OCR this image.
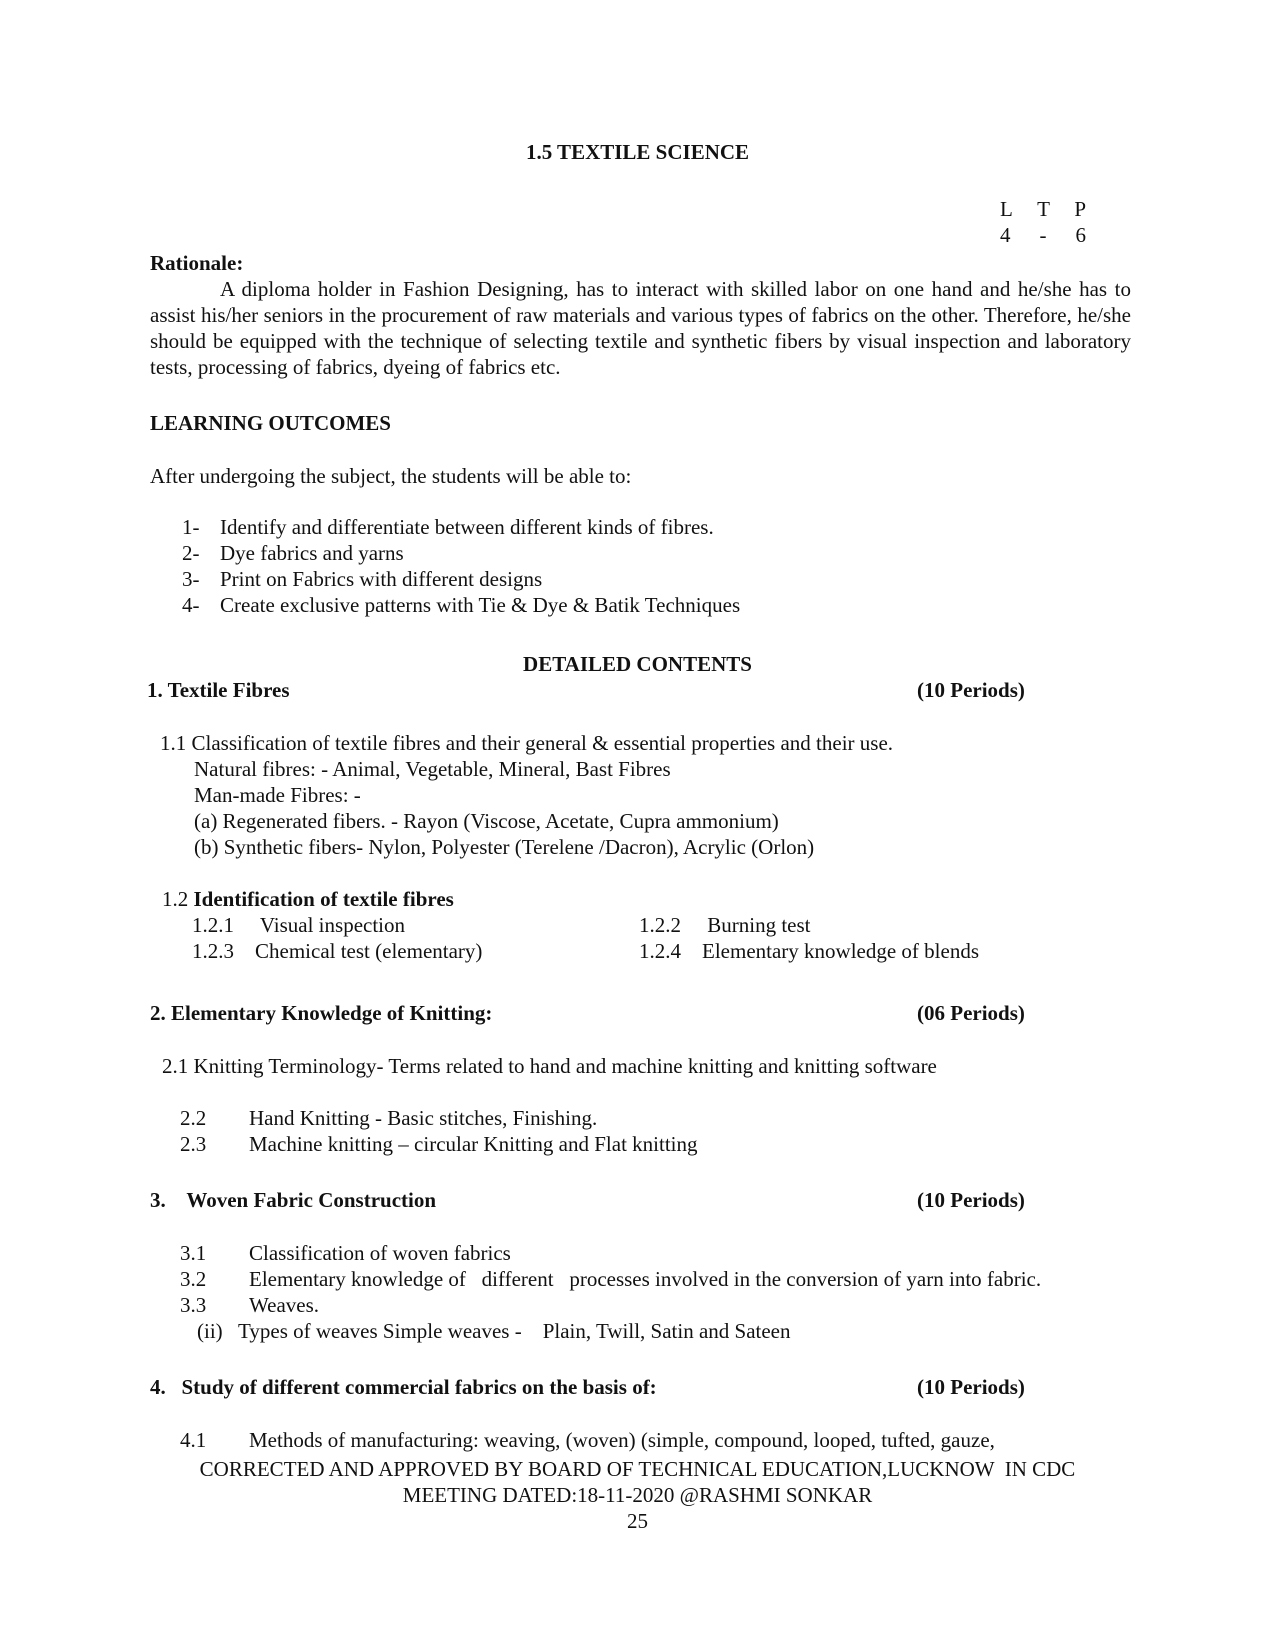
1.5 TEXTILE SCIENCE
L T P
4 - 6
Rationale:
A diploma holder in Fashion Designing, has to interact with skilled labor on one hand and he/she has to assist his/her seniors in the procurement of raw materials and various types of fabrics on the other. Therefore, he/she should be equipped with the technique of selecting textile and synthetic fibers by visual inspection and laboratory tests, processing of fabrics, dyeing of fabrics etc.
LEARNING OUTCOMES
After undergoing the subject, the students will be able to:
1- Identify and differentiate between different kinds of fibres.
2- Dye fabrics and yarns
3- Print on Fabrics with different designs
4- Create exclusive patterns with Tie & Dye & Batik Techniques
DETAILED CONTENTS
1. Textile Fibres	(10 Periods)
1.1 Classification of textile fibres and their general & essential properties and their use.
Natural fibres: - Animal, Vegetable, Mineral, Bast Fibres
Man-made Fibres: -
(a) Regenerated fibers. - Rayon (Viscose, Acetate, Cupra ammonium)
(b) Synthetic fibers- Nylon, Polyester (Terelene /Dacron), Acrylic (Orlon)
1.2 Identification of textile fibres
1.2.1     Visual inspection	1.2.2     Burning test
1.2.3    Chemical test (elementary)	1.2.4    Elementary knowledge of blends
2. Elementary Knowledge of Knitting:	(06 Periods)
2.1 Knitting Terminology- Terms related to hand and machine knitting and knitting software
2.2 Hand Knitting - Basic stitches, Finishing.
2.3 Machine knitting – circular Knitting and Flat knitting
3.    Woven Fabric Construction	(10 Periods)
3.1 Classification of woven fabrics
3.2 Elementary knowledge of   different   processes involved in the conversion of yarn into fabric.
3.3 Weaves.
(ii)   Types of weaves Simple weaves -    Plain, Twill, Satin and Sateen
4.   Study of different commercial fabrics on the basis of:	(10 Periods)
4.1 Methods of manufacturing: weaving, (woven) (simple, compound, looped, tufted, gauze,
CORRECTED AND APPROVED BY BOARD OF TECHNICAL EDUCATION,LUCKNOW  IN CDC
MEETING DATED:18-11-2020 @RASHMI SONKAR
25
